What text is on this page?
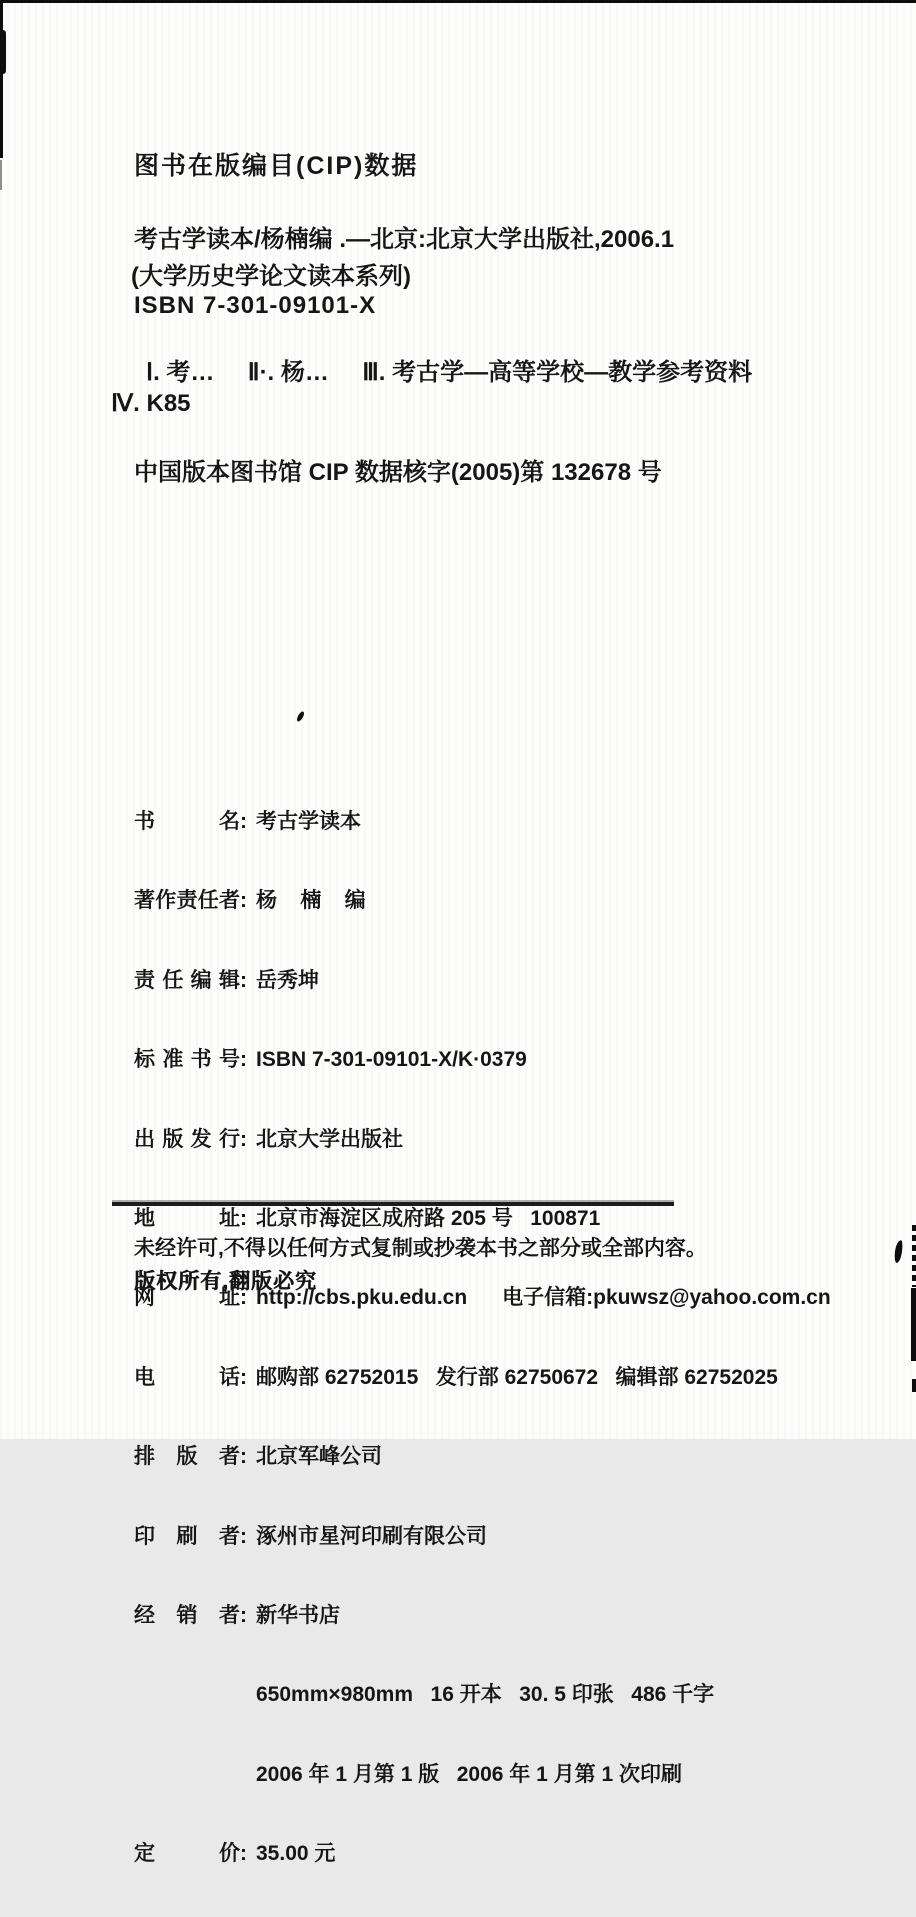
图书在版编目(CIP)数据
考古学读本/杨楠编 .—北京:北京大学出版社,2006.1
(大学历史学论文读本系列)
ISBN 7-301-09101-X
Ⅰ. 考…     Ⅱ·. 杨…     Ⅲ. 考古学—高等学校—教学参考资料
Ⅳ. K85
中国版本图书馆 CIP 数据核字(2005)第 132678 号

书 名: 考古学读本

著作责任者: 杨    楠    编

责 任 编 辑: 岳秀坤

标 准 书 号: ISBN 7-301-09101-X/K·0379

出 版 发 行: 北京大学出版社

地 址: 北京市海淀区成府路 205 号   100871

网 址: http://cbs.pku.edu.cn      电子信箱:pkuwsz@yahoo.com.cn

电 话: 邮购部 62752015   发行部 62750672   编辑部 62752025

排 版 者: 北京军峰公司

印 刷 者: 涿州市星河印刷有限公司

经 销 者: 新华书店

650mm×980mm   16 开本   30. 5 印张   486 千字

2006 年 1 月第 1 版   2006 年 1 月第 1 次印刷

定 价: 35.00 元

未经许可,不得以任何方式复制或抄袭本书之部分或全部内容。
版权所有,翻版必究
